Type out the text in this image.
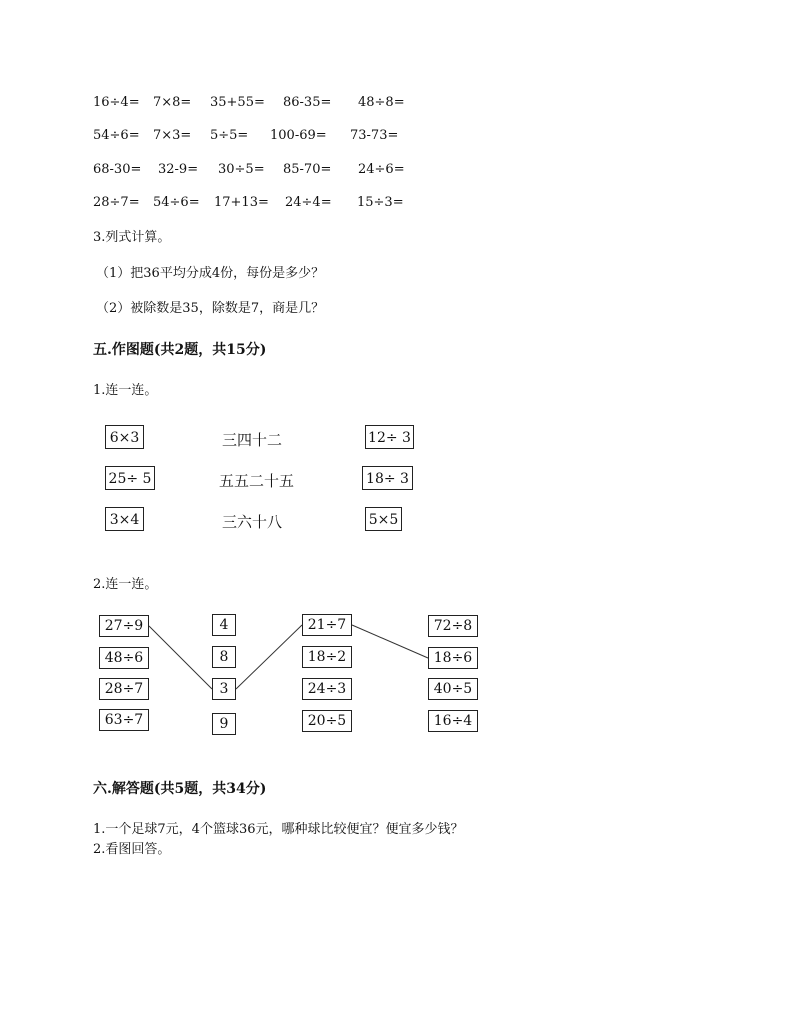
16÷4= 7×8= 35+55= 86-35= 48÷8=
54÷6= 7×3= 5÷5= 100-69= 73-73=
68-30= 32-9= 30÷5= 85-70= 24÷6=
28÷7= 54÷6= 17+13= 24÷4= 15÷3=
3.列式计算。
（1）把36平均分成4份，每份是多少？
（2）被除数是35，除数是7，商是几？
五.作图题(共2题，共15分)
1.连一连。
6×3
25÷ 5
3×4
三四十二
五五二十五
三六十八
12÷ 3
18÷ 3
5×5
2.连一连。
27÷9
48÷6
28÷7
63÷7
4
8
3
9
21÷7
18÷2
24÷3
20÷5
72÷8
18÷6
40÷5
16÷4
六.解答题(共5题，共34分)
1.一个足球7元，4个篮球36元，哪种球比较便宜？便宜多少钱？
2.看图回答。
